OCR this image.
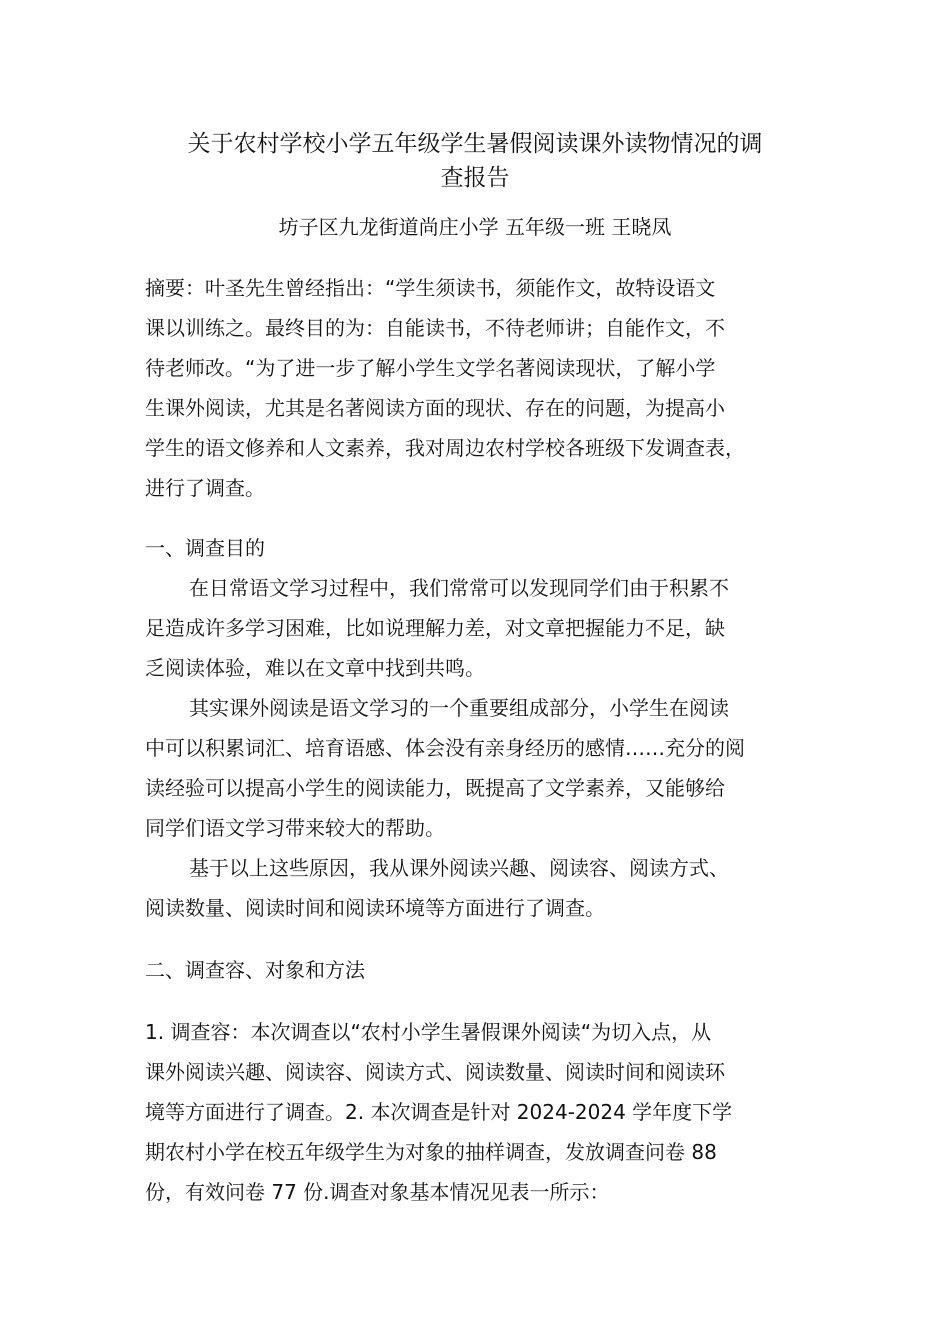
关于农村学校小学五年级学生暑假阅读课外读物情况的调
查报告
坊子区九龙街道尚庄小学 五年级一班 王晓凤

摘要：叶圣先生曾经指出：“学生须读书，须能作文，故特设语文
课以训练之。最终目的为：自能读书，不待老师讲；自能作文，不
待老师改。“为了进一步了解小学生文学名著阅读现状，了解小学
生课外阅读，尤其是名著阅读方面的现状、存在的问题，为提高小
学生的语文修养和人文素养，我对周边农村学校各班级下发调查表，
进行了调查。

一、调查目的

在日常语文学习过程中，我们常常可以发现同学们由于积累不
足造成许多学习困难，比如说理解力差，对文章把握能力不足，缺
乏阅读体验，难以在文章中找到共鸣。

其实课外阅读是语文学习的一个重要组成部分，小学生在阅读
中可以积累词汇、培育语感、体会没有亲身经历的感情……充分的阅
读经验可以提高小学生的阅读能力，既提高了文学素养，又能够给
同学们语文学习带来较大的帮助。

基于以上这些原因，我从课外阅读兴趣、阅读容、阅读方式、
阅读数量、阅读时间和阅读环境等方面进行了调查。

二、调查容、对象和方法

1. 调查容：本次调查以“农村小学生暑假课外阅读“为切入点，从
课外阅读兴趣、阅读容、阅读方式、阅读数量、阅读时间和阅读环
境等方面进行了调查。2. 本次调查是针对 2024-2024 学年度下学
期农村小学在校五年级学生为对象的抽样调查，发放调查问卷 88
份，有效问卷 77 份.调查对象基本情况见表一所示：
